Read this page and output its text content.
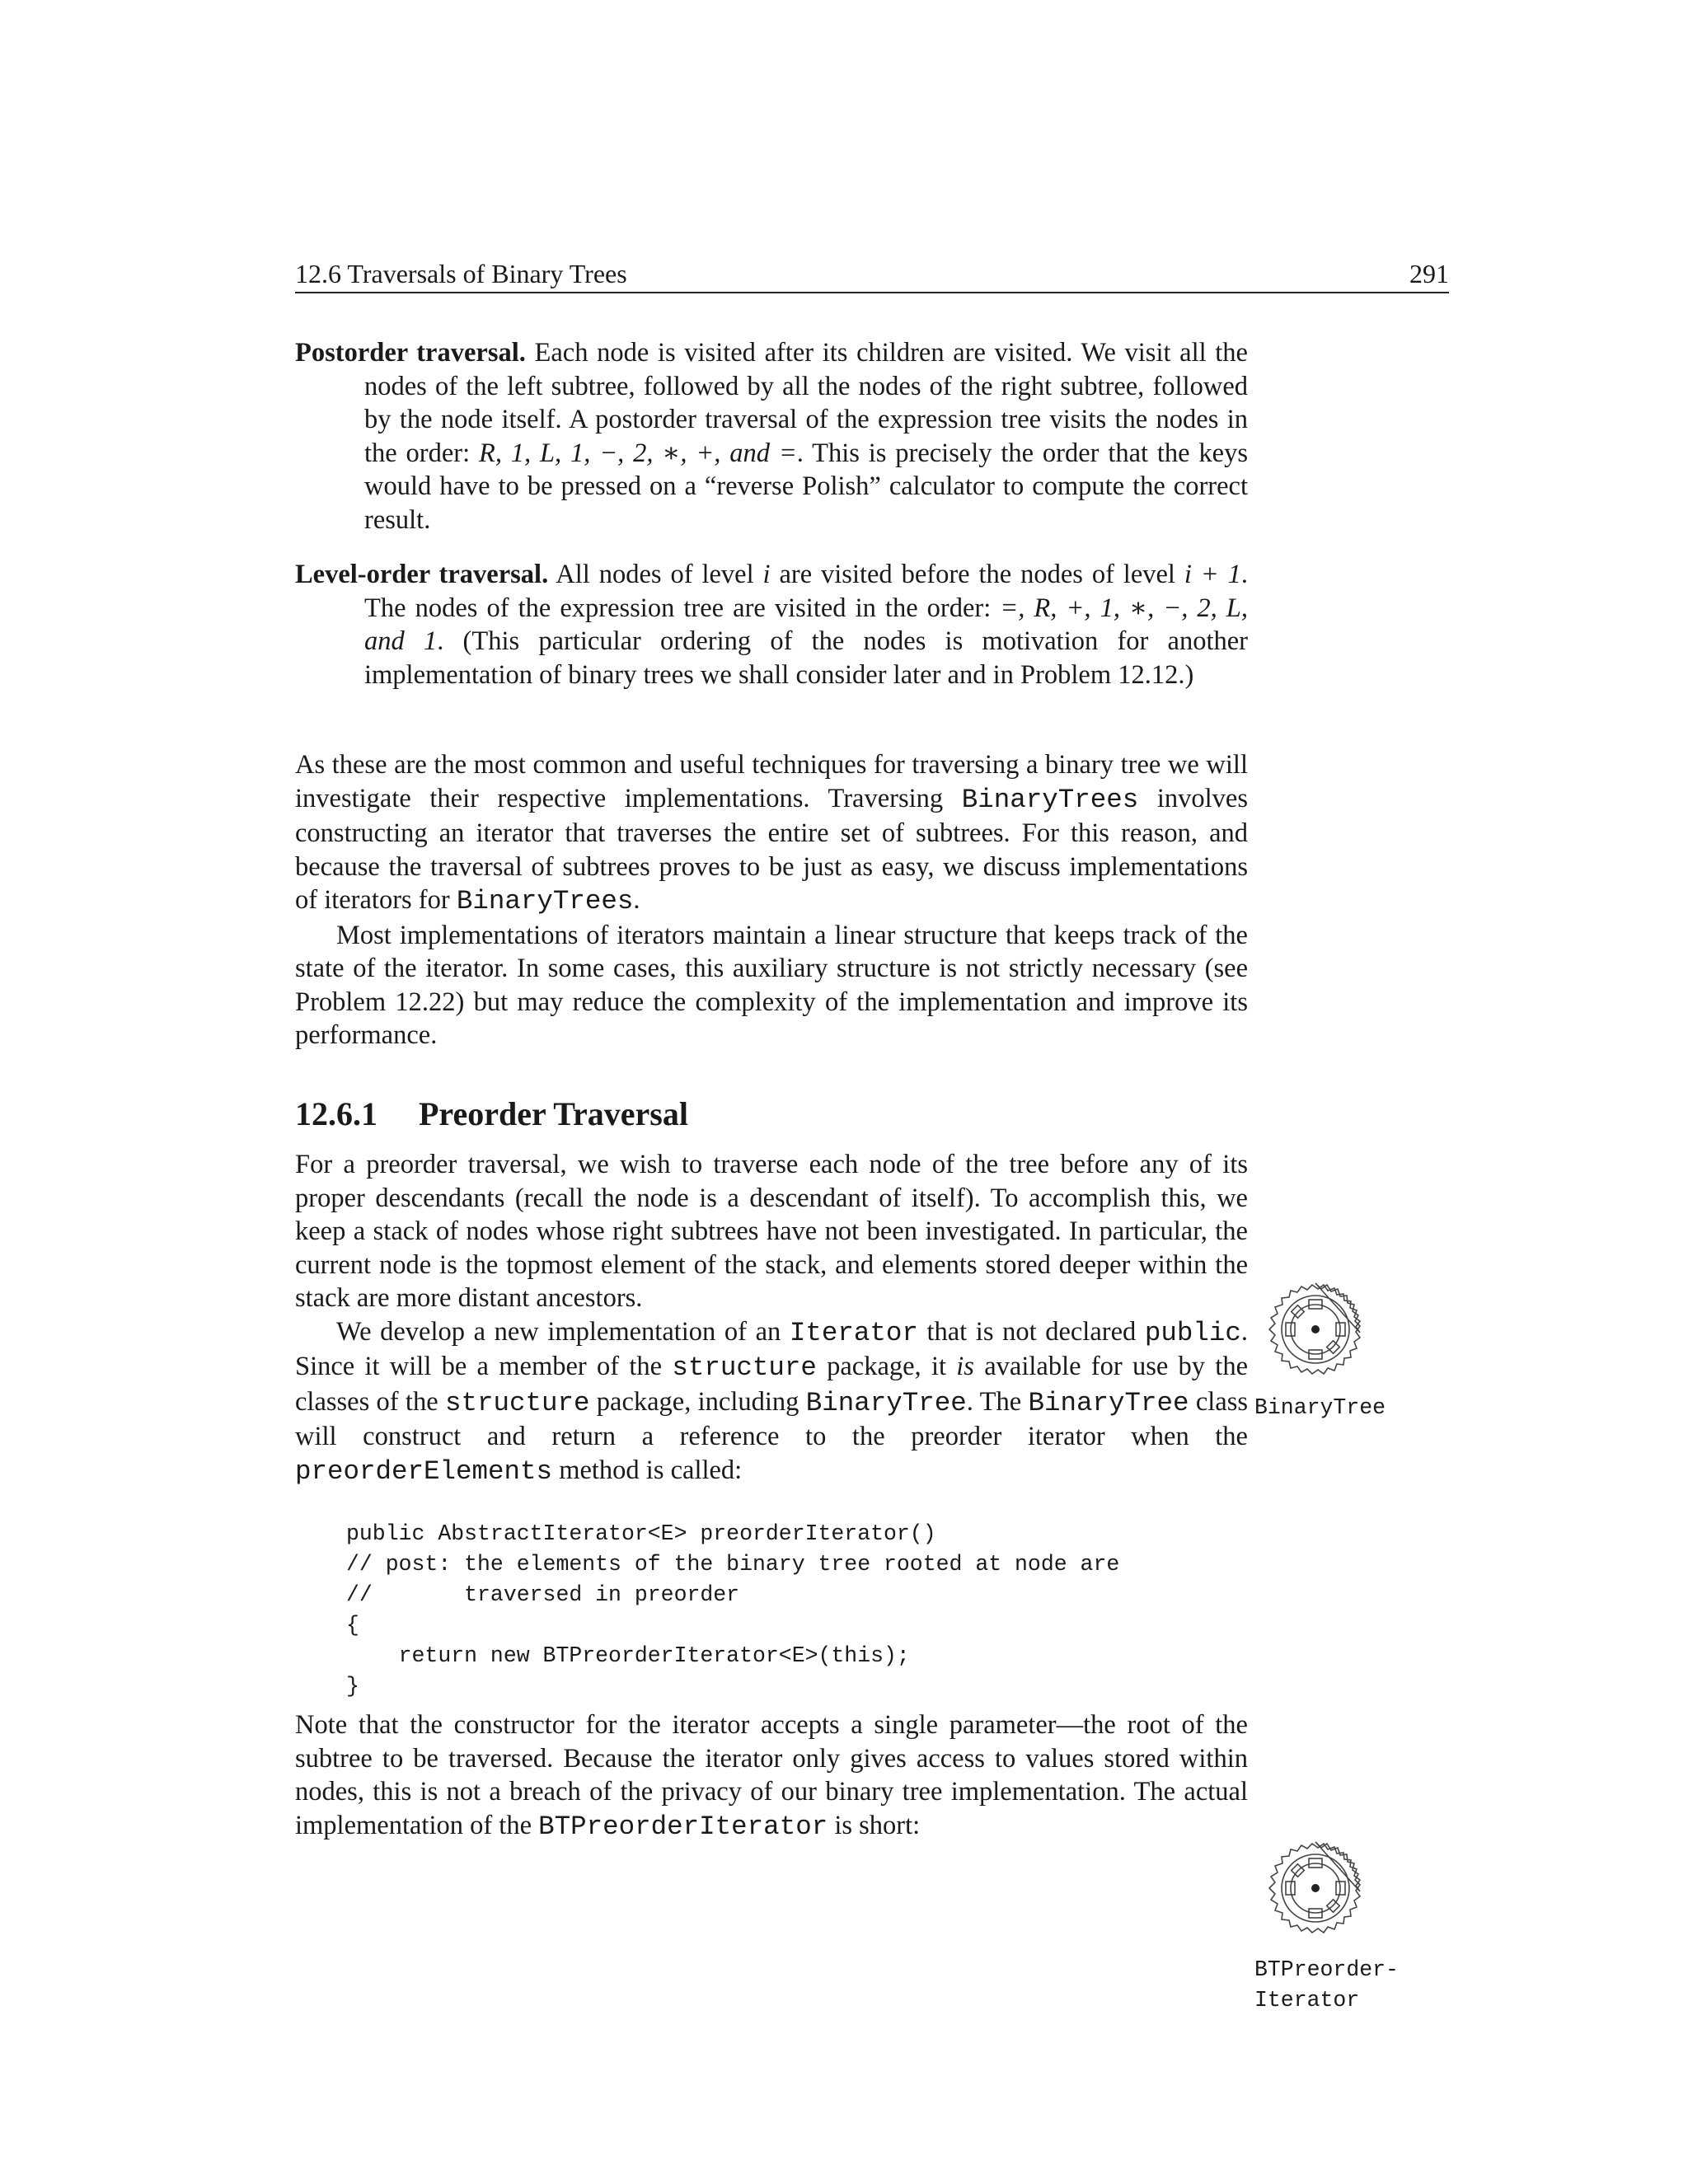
12.6 Traversals of Binary Trees	291

Postorder traversal. Each node is visited after its children are visited. We visit all the nodes of the left subtree, followed by all the nodes of the right subtree, followed by the node itself. A postorder traversal of the expression tree visits the nodes in the order: R, 1, L, 1, −, 2, ∗, +, and =. This is precisely the order that the keys would have to be pressed on a “reverse Polish” calculator to compute the correct result.

Level-order traversal. All nodes of level i are visited before the nodes of level i + 1. The nodes of the expression tree are visited in the order: =, R, +, 1, ∗, −, 2, L, and 1. (This particular ordering of the nodes is motivation for another implementation of binary trees we shall consider later and in Problem 12.12.)

As these are the most common and useful techniques for traversing a binary tree we will investigate their respective implementations. Traversing BinaryTrees involves constructing an iterator that traverses the entire set of subtrees. For this reason, and because the traversal of subtrees proves to be just as easy, we discuss implementations of iterators for BinaryTrees.

Most implementations of iterators maintain a linear structure that keeps track of the state of the iterator. In some cases, this auxiliary structure is not strictly necessary (see Problem 12.22) but may reduce the complexity of the implementation and improve its performance.

12.6.1 Preorder Traversal

For a preorder traversal, we wish to traverse each node of the tree before any of its proper descendants (recall the node is a descendant of itself). To accomplish this, we keep a stack of nodes whose right subtrees have not been investigated. In particular, the current node is the topmost element of the stack, and elements stored deeper within the stack are more distant ancestors.

We develop a new implementation of an Iterator that is not declared public. Since it will be a member of the structure package, it is available for use by the classes of the structure package, including BinaryTree. The BinaryTree class will construct and return a reference to the preorder iterator when the preorderElements method is called:

public AbstractIterator<E> preorderIterator()
// post: the elements of the binary tree rooted at node are
//       traversed in preorder
{
return new BTPreorderIterator<E>(this);
}

Note that the constructor for the iterator accepts a single parameter—the root of the subtree to be traversed. Because the iterator only gives access to values stored within nodes, this is not a breach of the privacy of our binary tree implementation. The actual implementation of the BTPreorderIterator is short:

BinaryTree
BTPreorder-
Iterator
